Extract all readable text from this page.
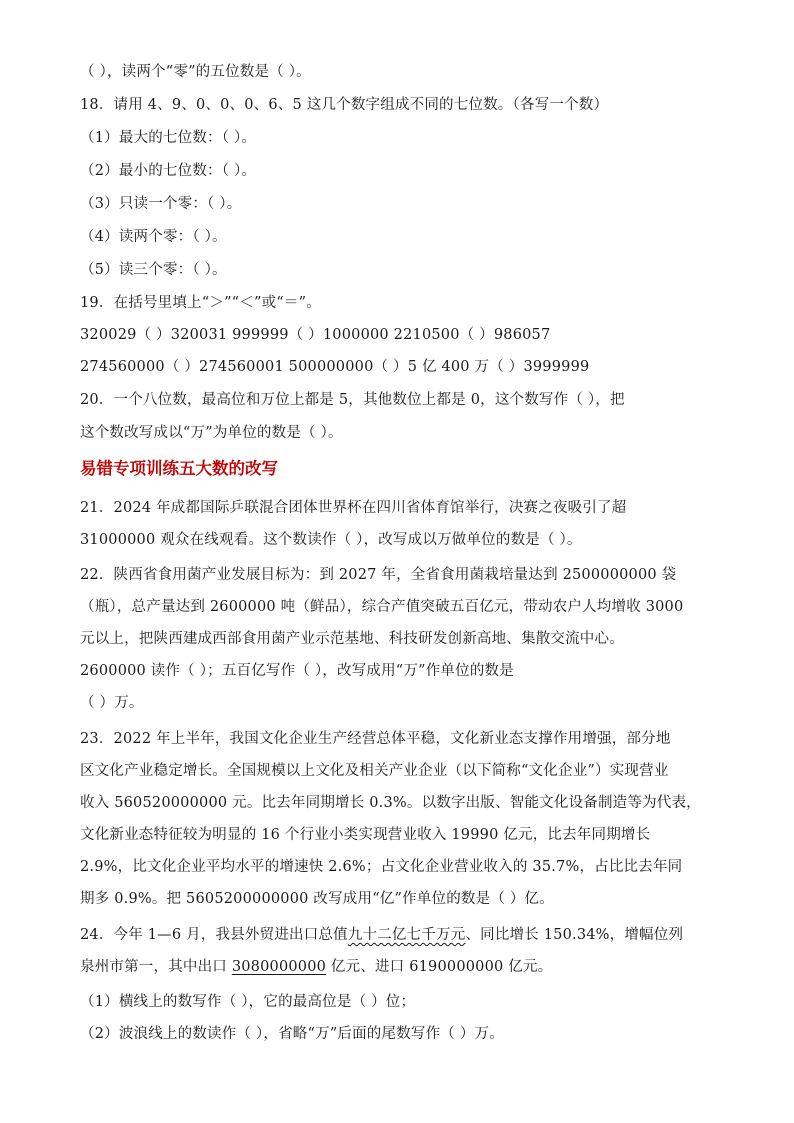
（ ），读两个“零”的五位数是（ ）。
18．请用 4、9、0、0、0、6、5 这几个数字组成不同的七位数。（各写一个数）
（1）最大的七位数：（ ）。
（2）最小的七位数：（ ）。
（3）只读一个零：（ ）。
（4）读两个零：（ ）。
（5）读三个零：（ ）。
19．在括号里填上“＞”“＜”或“＝”。
320029（ ）320031 999999（ ）1000000 2210500（ ）986057
274560000（ ）274560001 500000000（ ）5 亿 400 万（ ）3999999
20．一个八位数，最高位和万位上都是 5，其他数位上都是 0，这个数写作（ ），把
这个数改写成以“万”为单位的数是（ ）。
易错专项训练五大数的改写
21．2024 年成都国际乒联混合团体世界杯在四川省体育馆举行，决赛之夜吸引了超
31000000 观众在线观看。这个数读作（ ），改写成以万做单位的数是（ ）。
22．陕西省食用菌产业发展目标为：到 2027 年，全省食用菌栽培量达到 2500000000 袋
（瓶），总产量达到 2600000 吨（鲜品），综合产值突破五百亿元，带动农户人均增收 3000
元以上，把陕西建成西部食用菌产业示范基地、科技研发创新高地、集散交流中心。
2600000 读作（ ）；五百亿写作（ ），改写成用“万”作单位的数是
（ ）万。
23．2022 年上半年，我国文化企业生产经营总体平稳，文化新业态支撑作用增强，部分地
区文化产业稳定增长。全国规模以上文化及相关产业企业（以下简称“文化企业”）实现营业
收入 560520000000 元。比去年同期增长 0.3%。以数字出版、智能文化设备制造等为代表，
文化新业态特征较为明显的 16 个行业小类实现营业收入 19990 亿元，比去年同期增长
2.9%，比文化企业平均水平的增速快 2.6%；占文化企业营业收入的 35.7%，占比比去年同
期多 0.9%。把 5605200000000 改写成用“亿”作单位的数是（ ）亿。
24．今年 1—6 月，我县外贸进出口总值九十二亿七千万元、同比增长 150.34%，增幅位列
泉州市第一，其中出口 3080000000 亿元、进口 6190000000 亿元。
（1）横线上的数写作（ ），它的最高位是（ ）位；
（2）波浪线上的数读作（ ），省略“万”后面的尾数写作（ ）万。
